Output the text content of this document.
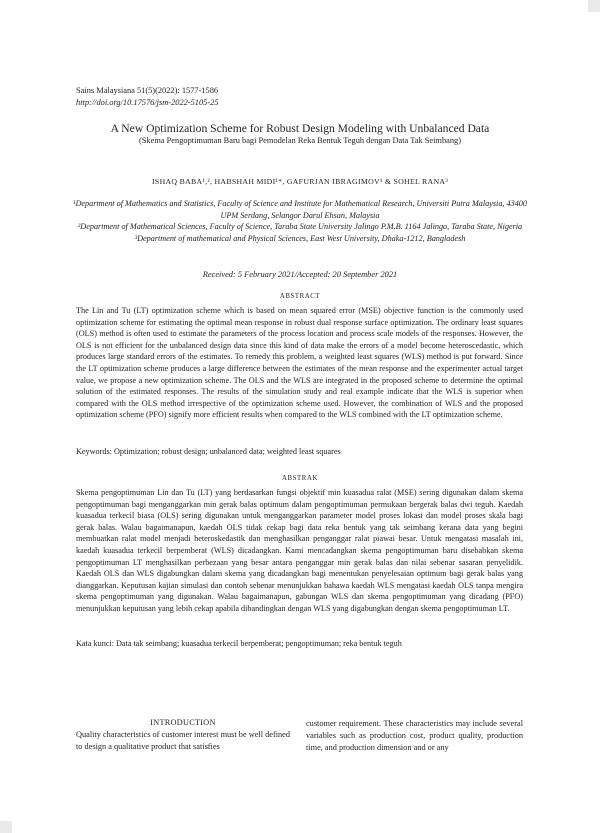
Sains Malaysiana 51(5)(2022): 1577-1586
http://doi.org/10.17576/jsm-2022-5105-25
A New Optimization Scheme for Robust Design Modeling with Unbalanced Data
(Skema Pengoptimuman Baru bagi Pemodelan Reka Bentuk Teguh dengan Data Tak Seimbang)
ISHAQ BABA¹,², HABSHAH MIDI¹*, GAFURJAN IBRAGIMOV¹ & SOHEL RANA³
¹Department of Mathematics and Statistics, Faculty of Science and Institute for Mathematical Research, Universiti Putra Malaysia, 43400 UPM Serdang, Selangor Darul Ehsan, Malaysia
²Department of Mathematical Sciences, Faculty of Science, Taraba State University Jalingo P.M.B. 1164 Jalingo, Taraba State, Nigeria
³Department of mathematical and Physical Sciences, East West University, Dhaka-1212, Bangladesh
Received: 5 February 2021/Accepted: 20 September 2021
ABSTRACT
The Lin and Tu (LT) optimization scheme which is based on mean squared error (MSE) objective function is the commonly used optimization scheme for estimating the optimal mean response in robust dual response surface optimization. The ordinary least squares (OLS) method is often used to estimate the parameters of the process location and process scale models of the responses. However, the OLS is not efficient for the unbalanced design data since this kind of data make the errors of a model become heteroscedastic, which produces large standard errors of the estimates. To remedy this problem, a weighted least squares (WLS) method is put forward. Since the LT optimization scheme produces a large difference between the estimates of the mean response and the experimenter actual target value, we propose a new optimization scheme. The OLS and the WLS are integrated in the proposed scheme to determine the optimal solution of the estimated responses. The results of the simulation study and real example indicate that the WLS is superior when compared with the OLS method irrespective of the optimization scheme used. However, the combination of WLS and the proposed optimization scheme (PFO) signify more efficient results when compared to the WLS combined with the LT optimization scheme.
Keywords: Optimization; robust design; unbalanced data; weighted least squares
ABSTRAK
Skema pengoptimuman Lin dan Tu (LT) yang berdasarkan fungsi objektif min kuasadua ralat (MSE) sering digunakan dalam skema pengoptimuman bagi menganggarkan min gerak balas optimum dalam pengoptimuman permukaan bergerak balas dwi teguh. Kaedah kuasadua terkecil biasa (OLS) sering digunakan untuk menganggarkan parameter model proses lokasi dan model proses skala bagi gerak balas. Walau bagaimanapun, kaedah OLS tidak cekap bagi data reka bentuk yang tak seimbang kerana data yang begini membuatkan ralat model menjadi heteroskedastik dan menghasilkan penganggar ralat piawai besar. Untuk mengatasi masalah ini, kaedah kuasadua terkecil berpemberat (WLS) dicadangkan. Kami mencadangkan skema pengoptimuman baru disebabkan skema pengoptimuman LT menghasilkan perbezaan yang besar antara penganggar min gerak balas dan nilai sebenar sasaran penyelidik. Kaedah OLS dan WLS digabungkan dalam skema yang dicadangkan bagi menentukan penyelesaian optimum bagi gerak balas yang dianggarkan. Keputusan kajian simulasi dan contoh sebenar menunjukkan bahawa kaedah WLS mengatasi kaedah OLS tanpa mengira skema pengoptimuman yang digunakan. Walau bagaimanapun, gabungan WLS dan skema pengoptimuman yang dicadang (PFO) menunjukkan keputusan yang lebih cekap apabila dibandingkan dengan WLS yang digabungkan dengan skema pengoptimuman LT.
Kata kunci: Data tak seimbang; kuasadua terkecil berpemberat; pengoptimuman; reka bentuk teguh
INTRODUCTION
Quality characteristics of customer interest must be well defined to design a qualitative product that satisfies
customer requirement. These characteristics may include several variables such as production cost, product quality, production time, and production dimension and or any
